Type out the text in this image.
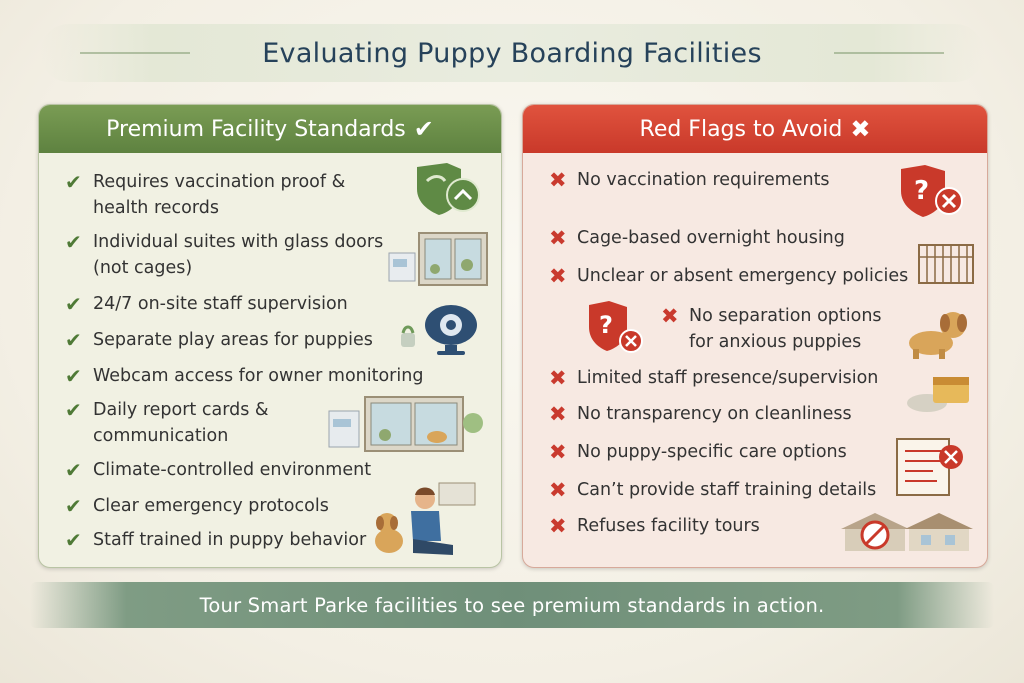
Evaluating Puppy Boarding Facilities
Premium Facility Standards ✔
✔ Requires vaccination proof &
health records
✔ Individual suites with glass doors
(not cages)
✔ 24/7 on-site staff supervision
✔ Separate play areas for puppies
✔ Webcam access for owner monitoring
✔ Daily report cards &
communication
✔ Climate-controlled environment
✔ Clear emergency protocols
✔ Staff trained in puppy behavior
Red Flags to Avoid ✖
✖ No vaccination requirements
✖ Cage-based overnight housing
✖ Unclear or absent emergency policies
✖ No separation options
for anxious puppies
✖ Limited staff presence/supervision
✖ No transparency on cleanliness
✖ No puppy-specific care options
✖ Can’t provide staff training details
✖ Refuses facility tours
?
?
Tour Smart Parke facilities to see premium standards in action.
